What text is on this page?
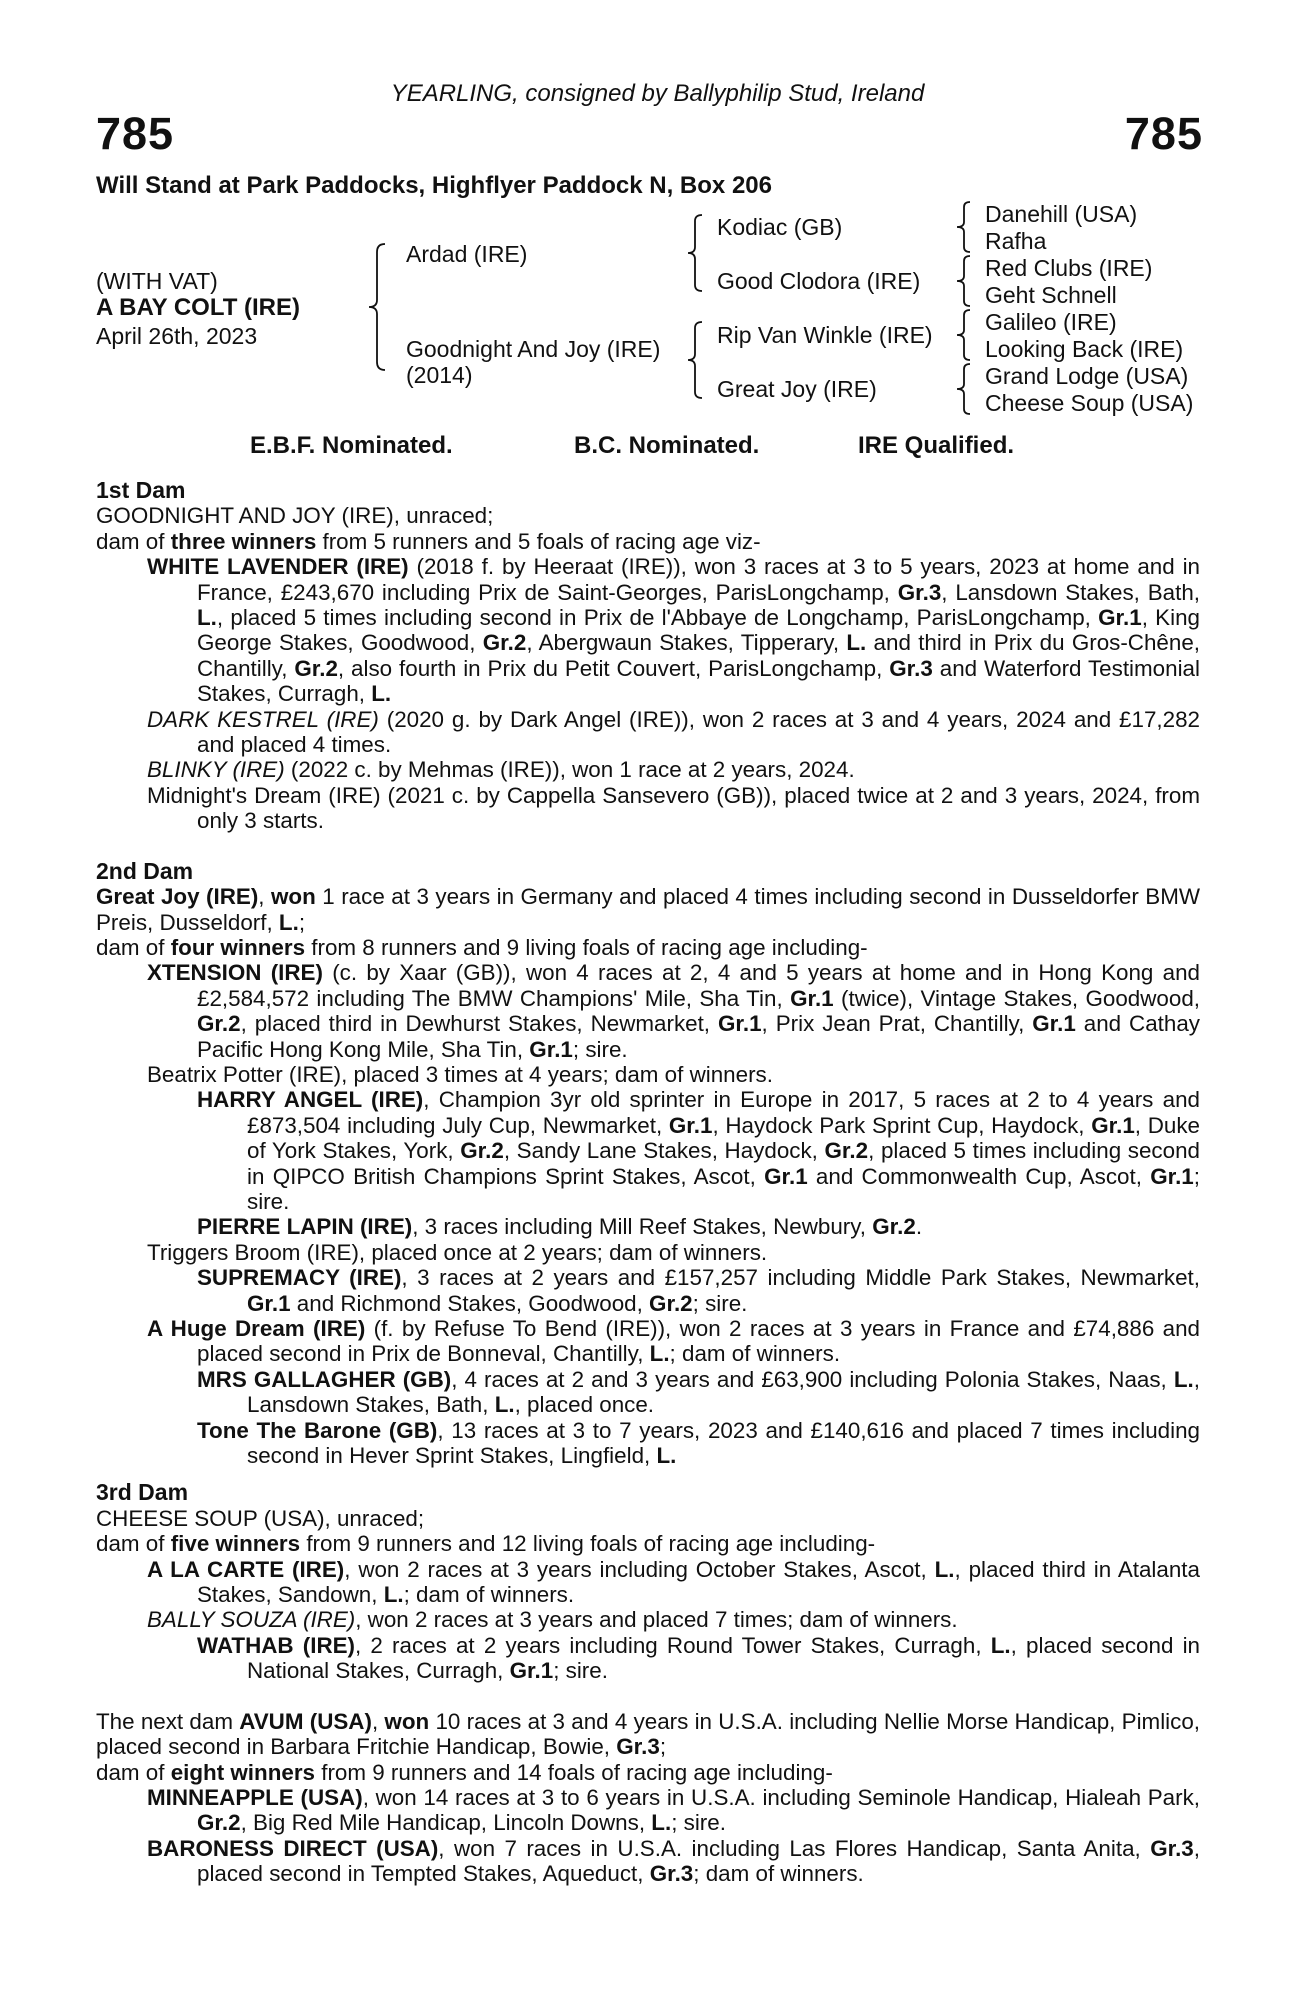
YEARLING, consigned by Ballyphilip Stud, Ireland
785	785
Will Stand at Park Paddocks, Highflyer Paddock N, Box 206
(WITH VAT)
A BAY COLT (IRE)
April 26th, 2023
Ardad (IRE)
Goodnight And Joy (IRE)
(2014)
Kodiac (GB)
Good Clodora (IRE)
Rip Van Winkle (IRE)
Great Joy (IRE)
Danehill (USA)
Rafha
Red Clubs (IRE)
Geht Schnell
Galileo (IRE)
Looking Back (IRE)
Grand Lodge (USA)
Cheese Soup (USA)
E.B.F. Nominated.	B.C. Nominated.	IRE Qualified.
1st Dam
GOODNIGHT AND JOY (IRE), unraced;
dam of three winners from 5 runners and 5 foals of racing age viz-
WHITE LAVENDER (IRE) (2018 f. by Heeraat (IRE)), won 3 races at 3 to 5 years, 2023 at home and in France, £243,670 including Prix de Saint-Georges, ParisLongchamp, Gr.3, Lansdown Stakes, Bath, L., placed 5 times including second in Prix de l'Abbaye de Longchamp, ParisLongchamp, Gr.1, King George Stakes, Goodwood, Gr.2, Abergwaun Stakes, Tipperary, L. and third in Prix du Gros-Chêne, Chantilly, Gr.2, also fourth in Prix du Petit Couvert, ParisLongchamp, Gr.3 and Waterford Testimonial Stakes, Curragh, L.
DARK KESTREL (IRE) (2020 g. by Dark Angel (IRE)), won 2 races at 3 and 4 years, 2024 and £17,282 and placed 4 times.
BLINKY (IRE) (2022 c. by Mehmas (IRE)), won 1 race at 2 years, 2024.
Midnight's Dream (IRE) (2021 c. by Cappella Sansevero (GB)), placed twice at 2 and 3 years, 2024, from only 3 starts.
2nd Dam
Great Joy (IRE), won 1 race at 3 years in Germany and placed 4 times including second in Dusseldorfer BMW Preis, Dusseldorf, L.;
dam of four winners from 8 runners and 9 living foals of racing age including-
XTENSION (IRE) (c. by Xaar (GB)), won 4 races at 2, 4 and 5 years at home and in Hong Kong and £2,584,572 including The BMW Champions' Mile, Sha Tin, Gr.1 (twice), Vintage Stakes, Goodwood, Gr.2, placed third in Dewhurst Stakes, Newmarket, Gr.1, Prix Jean Prat, Chantilly, Gr.1 and Cathay Pacific Hong Kong Mile, Sha Tin, Gr.1; sire.
Beatrix Potter (IRE), placed 3 times at 4 years; dam of winners.
HARRY ANGEL (IRE), Champion 3yr old sprinter in Europe in 2017, 5 races at 2 to 4 years and £873,504 including July Cup, Newmarket, Gr.1, Haydock Park Sprint Cup, Haydock, Gr.1, Duke of York Stakes, York, Gr.2, Sandy Lane Stakes, Haydock, Gr.2, placed 5 times including second in QIPCO British Champions Sprint Stakes, Ascot, Gr.1 and Commonwealth Cup, Ascot, Gr.1; sire.
PIERRE LAPIN (IRE), 3 races including Mill Reef Stakes, Newbury, Gr.2.
Triggers Broom (IRE), placed once at 2 years; dam of winners.
SUPREMACY (IRE), 3 races at 2 years and £157,257 including Middle Park Stakes, Newmarket, Gr.1 and Richmond Stakes, Goodwood, Gr.2; sire.
A Huge Dream (IRE) (f. by Refuse To Bend (IRE)), won 2 races at 3 years in France and £74,886 and placed second in Prix de Bonneval, Chantilly, L.; dam of winners.
MRS GALLAGHER (GB), 4 races at 2 and 3 years and £63,900 including Polonia Stakes, Naas, L., Lansdown Stakes, Bath, L., placed once.
Tone The Barone (GB), 13 races at 3 to 7 years, 2023 and £140,616 and placed 7 times including second in Hever Sprint Stakes, Lingfield, L.
3rd Dam
CHEESE SOUP (USA), unraced;
dam of five winners from 9 runners and 12 living foals of racing age including-
A LA CARTE (IRE), won 2 races at 3 years including October Stakes, Ascot, L., placed third in Atalanta Stakes, Sandown, L.; dam of winners.
BALLY SOUZA (IRE), won 2 races at 3 years and placed 7 times; dam of winners.
WATHAB (IRE), 2 races at 2 years including Round Tower Stakes, Curragh, L., placed second in National Stakes, Curragh, Gr.1; sire.
The next dam AVUM (USA), won 10 races at 3 and 4 years in U.S.A. including Nellie Morse Handicap, Pimlico, placed second in Barbara Fritchie Handicap, Bowie, Gr.3;
dam of eight winners from 9 runners and 14 foals of racing age including-
MINNEAPPLE (USA), won 14 races at 3 to 6 years in U.S.A. including Seminole Handicap, Hialeah Park, Gr.2, Big Red Mile Handicap, Lincoln Downs, L.; sire.
BARONESS DIRECT (USA), won 7 races in U.S.A. including Las Flores Handicap, Santa Anita, Gr.3, placed second in Tempted Stakes, Aqueduct, Gr.3; dam of winners.
